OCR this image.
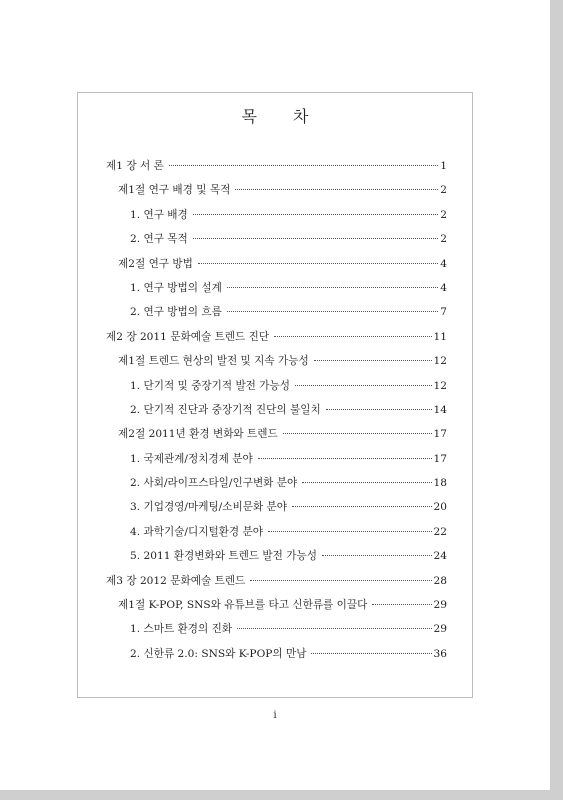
목 차
제1 장 서 론	1
제1절 연구 배경 및 목적	2
1. 연구 배경	2
2. 연구 목적	2
제2절 연구 방법	4
1. 연구 방법의 설계	4
2. 연구 방법의 흐름	7
제2 장 2011 문화예술 트렌드 진단	11
제1절 트렌드 현상의 발전 및 지속 가능성	12
1. 단기적 및 중장기적 발전 가능성	12
2. 단기적 진단과 중장기적 진단의 불일치	14
제2절 2011년 환경 변화와 트렌드	17
1. 국제관계/정치경제 분야	17
2. 사회/라이프스타일/인구변화 분야	18
3. 기업경영/마케팅/소비문화 분야	20
4. 과학기술/디지털환경 분야	22
5. 2011 환경변화와 트렌드 발전 가능성	24
제3 장 2012 문화예술 트렌드	28
제1절 K-POP, SNS와 유튜브를 타고 신한류를 이끌다	29
1. 스마트 환경의 진화	29
2. 신한류 2.0: SNS와 K-POP의 만남	36
i
